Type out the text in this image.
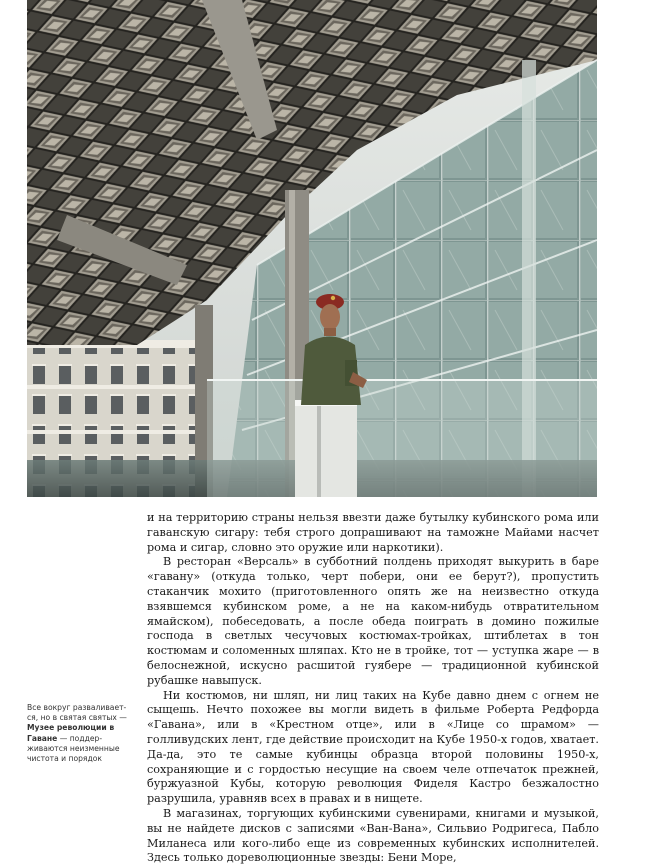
Все вокруг разваливает-ся, но в святая святых — Музее революции в Гаване — поддер-живаются неизменные чистота и порядок

и на территорию страны нельзя ввезти даже бутылку кубинского рома или гаванскую сигару: тебя строго допрашивают на таможне Майами насчет рома и сигар, словно это оружие или наркотики).

В ресторан «Версаль» в субботний полдень приходят выкурить в баре «гавану» (откуда только, черт побери, они ее берут?), пропустить стаканчик мохито (приготовленного опять же на неизвестно откуда взявшемся кубинском роме, а не на каком-нибудь отвратительном ямайском), побеседовать, а после обеда поиграть в домино пожилые господа в светлых чесучовых костюмах-тройках, штиблетах в тон костюмам и соломенных шляпах. Кто не в тройке, тот — уступка жаре — в белоснежной, искусно расшитой гуябере — традиционной кубинской рубашке навыпуск.

Ни костюмов, ни шляп, ни лиц таких на Кубе давно днем с огнем не сыщешь. Нечто похожее вы могли видеть в фильме Роберта Редфорда «Гавана», или в «Крестном отце», или в «Лице со шрамом» — голливудских лент, где действие происходит на Кубе 1950-х годов, хватает. Да-да, это те самые кубинцы образца второй половины 1950-х, сохраняющие и с гордостью несущие на своем челе отпечаток прежней, буржуазной Кубы, которую революция Фиделя Кастро безжалостно разрушила, уравняв всех в правах и в нищете.

В магазинах, торгующих кубинскими сувенирами, книгами и музыкой, вы не найдете дисков с записями «Ван-Вана», Сильвио Родригеса, Пабло Миланеса или кого-либо еще из современных кубинских исполнителей. Здесь только дореволюционные звезды: Бени Море,
